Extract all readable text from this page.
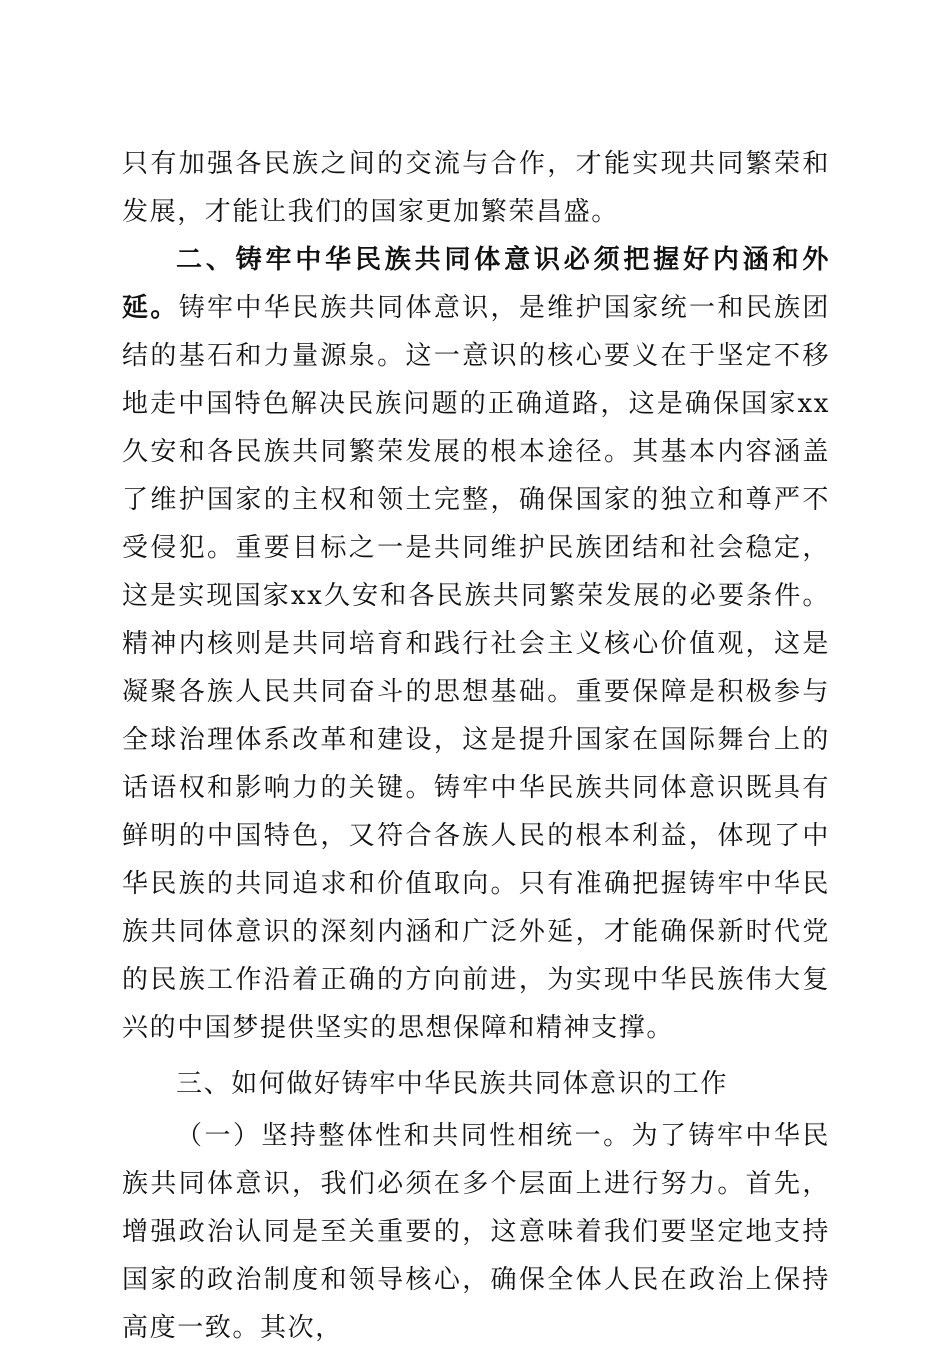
只有加强各民族之间的交流与合作，才能实现共同繁荣和发展，才能让我们的国家更加繁荣昌盛。

二、铸牢中华民族共同体意识必须把握好内涵和外延。铸牢中华民族共同体意识，是维护国家统一和民族团结的基石和力量源泉。这一意识的核心要义在于坚定不移地走中国特色解决民族问题的正确道路，这是确保国家xx久安和各民族共同繁荣发展的根本途径。其基本内容涵盖了维护国家的主权和领土完整，确保国家的独立和尊严不受侵犯。重要目标之一是共同维护民族团结和社会稳定，这是实现国家xx久安和各民族共同繁荣发展的必要条件。精神内核则是共同培育和践行社会主义核心价值观，这是凝聚各族人民共同奋斗的思想基础。重要保障是积极参与全球治理体系改革和建设，这是提升国家在国际舞台上的话语权和影响力的关键。铸牢中华民族共同体意识既具有鲜明的中国特色，又符合各族人民的根本利益，体现了中华民族的共同追求和价值取向。只有准确把握铸牢中华民族共同体意识的深刻内涵和广泛外延，才能确保新时代党的民族工作沿着正确的方向前进，为实现中华民族伟大复兴的中国梦提供坚实的思想保障和精神支撑。

三、如何做好铸牢中华民族共同体意识的工作

（一）坚持整体性和共同性相统一。为了铸牢中华民族共同体意识，我们必须在多个层面上进行努力。首先，增强政治认同是至关重要的，这意味着我们要坚定地支持国家的政治制度和领导核心，确保全体人民在政治上保持高度一致。其次，
